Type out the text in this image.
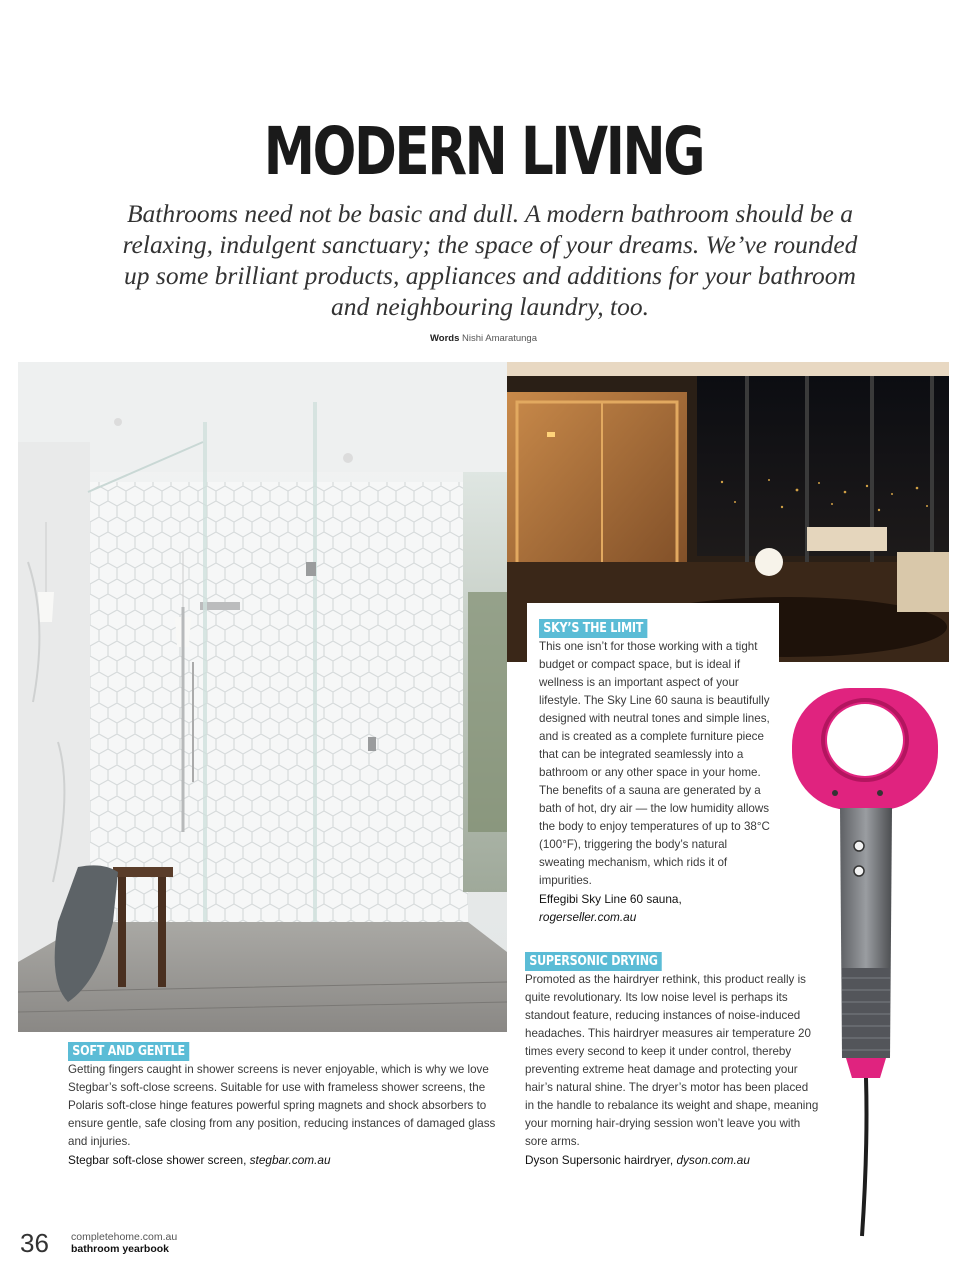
MODERN LIVING

Bathrooms need not be basic and dull. A modern bathroom should be a relaxing, indulgent sanctuary; the space of your dreams. We’ve rounded up some brilliant products, appliances and additions for your bathroom and neighbouring laundry, too.

Words Nishi Amaratunga
SKY’S THE LIMIT

This one isn’t for those working with a tight budget or compact space, but is ideal if wellness is an important aspect of your lifestyle. The Sky Line 60 sauna is beautifully designed with neutral tones and simple lines, and is created as a complete furniture piece that can be integrated seamlessly into a bathroom or any other space in your home. The benefits of a sauna are generated by a bath of hot, dry air — the low humidity allows the body to enjoy temperatures of up to 38°C (100°F), triggering the body’s natural sweating mechanism, which rids it of impurities.

Effegibi Sky Line 60 sauna,

rogerseller.com.au

SOFT AND GENTLE

Getting fingers caught in shower screens is never enjoyable, which is why we love Stegbar’s soft-close screens. Suitable for use with frameless shower screens, the Polaris soft-close hinge features powerful spring magnets and shock absorbers to ensure gentle, safe closing from any position, reducing instances of damaged glass and injuries.

Stegbar soft-close shower screen, stegbar.com.au

SUPERSONIC DRYING

Promoted as the hairdryer rethink, this product really is quite revolutionary. Its low noise level is perhaps its standout feature, reducing instances of noise-induced headaches. This hairdryer measures air temperature 20 times every second to keep it under control, thereby preventing extreme heat damage and protecting your hair’s natural shine. The dryer’s motor has been placed in the handle to rebalance its weight and shape, meaning your morning hair-drying session won’t leave you with sore arms.

Dyson Supersonic hairdryer, dyson.com.au

36 completehome.com.au
bathroom yearbook
